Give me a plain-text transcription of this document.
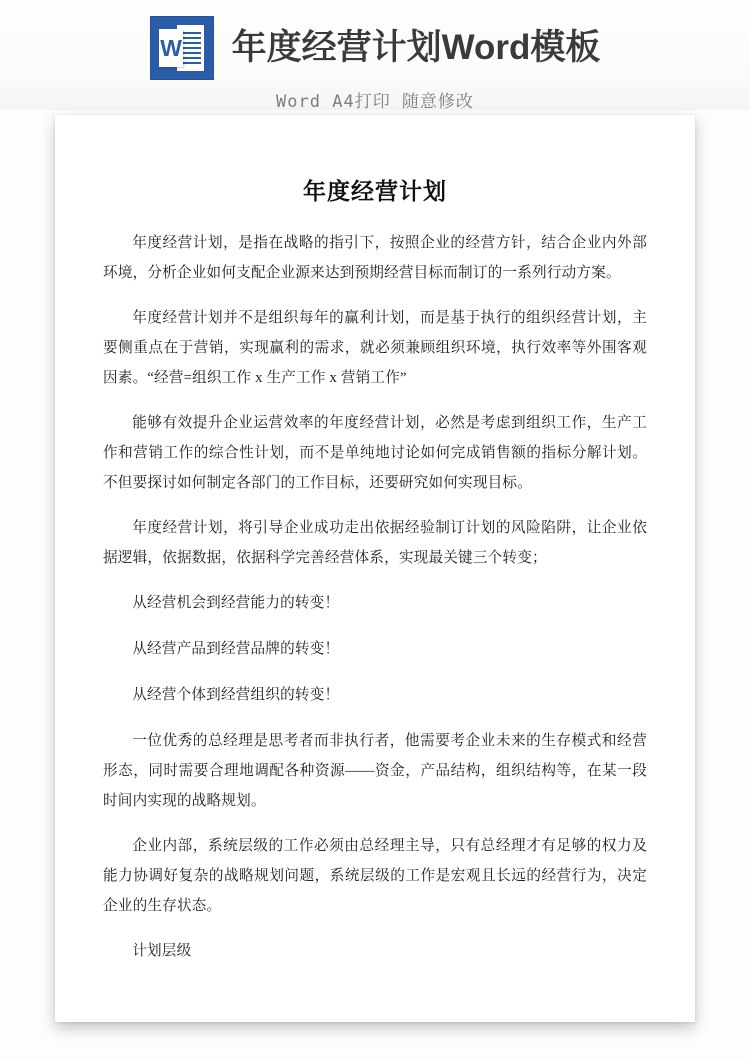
W 年度经营计划Word模板
Word A4打印 随意修改
年度经营计划

年度经营计划，是指在战略的指引下，按照企业的经营方针，结合企业内外部环境，分析企业如何支配企业源来达到预期经营目标而制订的一系列行动方案。

年度经营计划并不是组织每年的赢利计划，而是基于执行的组织经营计划，主要侧重点在于营销，实现赢利的需求，就必须兼顾组织环境，执行效率等外围客观因素。“经营=组织工作 x 生产工作 x 营销工作”

能够有效提升企业运营效率的年度经营计划，必然是考虑到组织工作，生产工作和营销工作的综合性计划，而不是单纯地讨论如何完成销售额的指标分解计划。不但要探讨如何制定各部门的工作目标，还要研究如何实现目标。

年度经营计划，将引导企业成功走出依据经验制订计划的风险陷阱，让企业依据逻辑，依据数据，依据科学完善经营体系，实现最关键三个转变；

从经营机会到经营能力的转变！

从经营产品到经营品牌的转变！

从经营个体到经营组织的转变！

一位优秀的总经理是思考者而非执行者，他需要考企业未来的生存模式和经营形态，同时需要合理地调配各种资源——资金，产品结构，组织结构等，在某一段时间内实现的战略规划。

企业内部，系统层级的工作必须由总经理主导，只有总经理才有足够的权力及能力协调好复杂的战略规划问题，系统层级的工作是宏观且长远的经营行为，决定企业的生存状态。

计划层级
